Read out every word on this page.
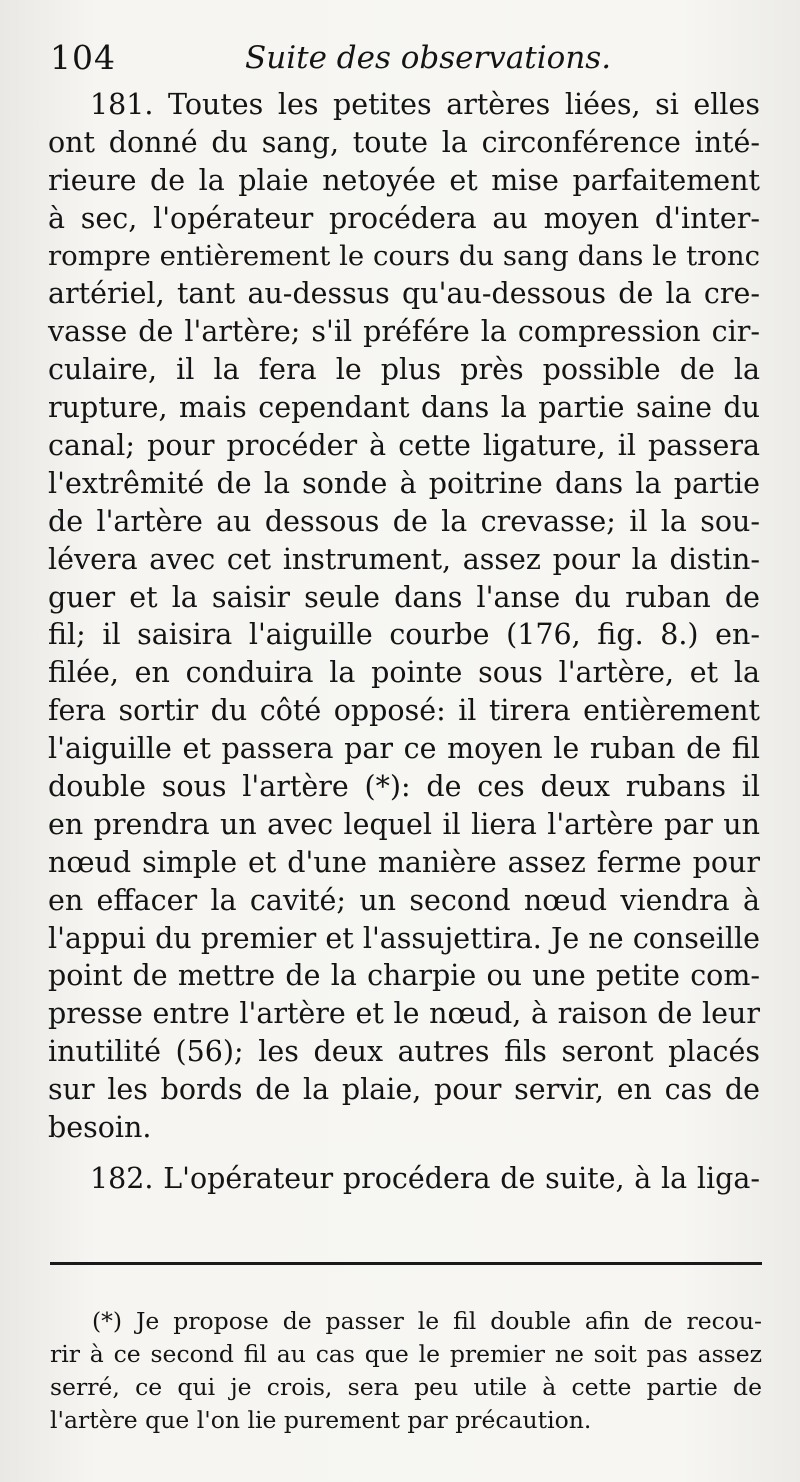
104	Suite des observations.
181. Toutes les petites artères liées, si elles
ont donné du sang, toute la circonférence inté-
rieure de la plaie netoyée et mise parfaitement
à sec, l'opérateur procédera au moyen d'inter-
rompre entièrement le cours du sang dans le tronc
artériel, tant au-dessus qu'au-dessous de la cre-
vasse de l'artère; s'il préfére la compression cir-
culaire, il la fera le plus près possible de la
rupture, mais cependant dans la partie saine du
canal; pour procéder à cette ligature, il passera
l'extrêmité de la sonde à poitrine dans la partie
de l'artère au dessous de la crevasse; il la sou-
lévera avec cet instrument, assez pour la distin-
guer et la saisir seule dans l'anse du ruban de
fil; il saisira l'aiguille courbe (176, fig. 8.) en-
filée, en conduira la pointe sous l'artère, et la
fera sortir du côté opposé: il tirera entièrement
l'aiguille et passera par ce moyen le ruban de fil
double sous l'artère (*): de ces deux rubans il
en prendra un avec lequel il liera l'artère par un
nœud simple et d'une manière assez ferme pour
en effacer la cavité; un second nœud viendra à
l'appui du premier et l'assujettira. Je ne conseille
point de mettre de la charpie ou une petite com-
presse entre l'artère et le nœud, à raison de leur
inutilité (56); les deux autres fils seront placés
sur les bords de la plaie, pour servir, en cas de
besoin.
182. L'opérateur procédera de suite, à la liga-
(*) Je propose de passer le fil double afin de recou-
rir à ce second fil au cas que le premier ne soit pas assez
serré, ce qui je crois, sera peu utile à cette partie de
l'artère que l'on lie purement par précaution.
